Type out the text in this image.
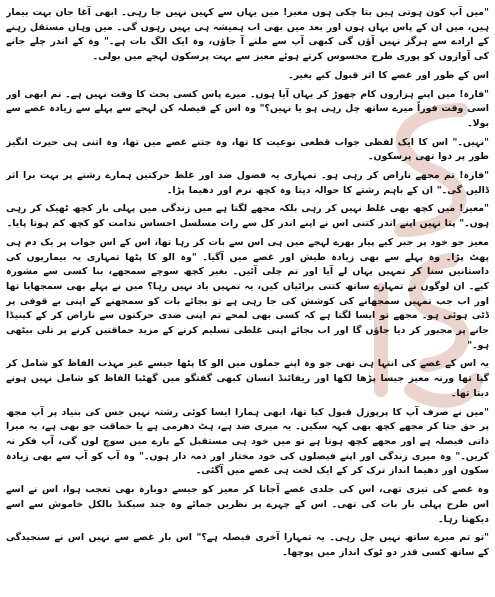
"میں آپ کون ہوتی ہیں بتا چکی ہوں معیز! میں یہاں سے کہیں نہیں جا رہی۔ ابھی آغا جان بہت بیمار ہیں، میں ان کے پاس یہاں ہوں اور بعد میں بھی اب ہمیشہ ہی یہیں رہوں گی۔ میں وہاں مستقل رہنے کے ارادے سے ہرگز نہیں آؤں گی کبھی آپ سے ملنے آ جاؤں، وہ ایک الگ بات ہے۔" وہ کے اندر چلے جانے کی آوازوں کو پوری طرح محسوس کرتے ہوئے معیز سے بہت پرسکون لہجے میں بولی۔

اس کے طور اور غصے کا اثر قبول کیے بغیر۔

"فارہ! میں اپنے ہزاروں کام چھوڑ کر یہاں آیا ہوں۔ میرے پاس کسی بحث کا وقت نہیں ہے۔ تم ابھی اور اسی وقت فوراً میرے ساتھ چل رہی ہو یا نہیں؟" وہ اس کے فیصلہ کن لہجے سے پہلے سے زیادہ غصے سے بولا۔

"نہیں۔" اس کا ایک لفظی جواب قطعی نوعیت کا تھا، وہ جتنے غصے میں تھا، وہ اتنی ہی حیرت انگیز طور پر دوا تھی پرسکون۔

"فارہ! تم مجھے ناراض کر رہی ہو۔ تمہاری یہ فضول ضد اور غلط حرکتیں ہمارے رشتے پر بہت برا اثر ڈالیں گی۔" ان کے باہم رشتے کا حوالہ دیتا وہ کچھ نرم اور دھیما پڑا۔

"معیز! میں کچھ بھی غلط نہیں کر رہی بلکہ مجھے لگتا ہے میں زندگی میں پہلی بار کچھ ٹھیک کر رہی ہوں۔" پتا نہیں اپنے اندر کتنی اس نے اپنے اندر کل سے رات مسلسل احساس ندامت کو کچھ کم ہوتا پایا۔

معیز جو خود پر جبر کیے پیار بھرے لہجے میں ہی اس سے بات کر رہا تھا، اس کے اس جواب پر یک دم ہی پھٹ پڑا۔ وہ پہلے سے بھی زیادہ طیش اور غصے میں آگیا۔ "وہ الو کا پٹھا تمہاری یہ بیماریوں کی داستانیں سنا کر تمہیں یہاں لے آیا اور تم چلی آئیں۔ بغیر کچھ سوچے سمجھے، بنا کسی سے مشورہ کیے۔ ان لوگوں نے تمہارے ساتھ کتنی برائیاں کیں، یہ تمہیں یاد نہیں رہا؟ میں نے پہلے بھی سمجھایا تھا اور اب جب تمہیں سمجھانے کی کوشش کی جا رہی ہے تو بجائے بات کو سمجھنے کے اپنی بے قوفی پر ڈٹی ہوئی ہو۔ مجھے تو ایسا لگتا ہے کہ کسی بھی لمحے تم اپنی ضدی حرکتوں سے ناراض کر کے کینیڈا جانے پر مجبور کر دیا جاؤں گا اور اب بجائے اپنی غلطی تسلیم کرنے کے مزید حماقتیں کرنے پر تلی بیٹھی ہو۔"

یہ اس کے غصے کی انتہا ہی تھی جو وہ اپنے جملوں میں الو کا پٹھا جیسے غیر مہذب الفاظ کو شامل کر گیا تھا ورنہ معیز جیسا پڑھا لکھا اور ریفائنڈ انسان کبھی گفتگو میں گھٹیا الفاظ کو شامل نہیں ہونے دیتا تھا۔

"میں نے صرف آپ کا پرپوزل قبول کیا تھا، ابھی ہمارا ایسا کوئی رشتہ نہیں جس کی بنیاد پر آپ مجھ پر حق جتا کر مجھے کچھ بھی کہہ سکیں۔ یہ میری ضد ہے، ہٹ دھرمی ہے یا حماقت جو بھی ہے، یہ میرا ذاتی فیصلہ ہے اور مجھے کچھ ہونا ہے تو میں خود ہی مستقبل کے بارے میں سوچ لوں گی، آپ فکر نہ کریں۔" وہ میری زندگی اور اپنے فیصلوں کی خود مختار اور ذمہ دار ہوں۔" وہ آپ کو آپ سے بھی زیادہ سکون اور دھیما انداز ترک کر کے ایک لخت ہی غصے میں آگئی۔

وہ غصے کی تیزی تھی، اس کی جلدی غصے آجانا کر معیز کو جیسے دوبارہ بھی تعجب ہوا، اس نے اسے اس طرح پہلی بار بات کی تھی۔ اس کے چہرے پر نظریں جمائے وہ چند سیکنڈ بالکل خاموش سے اسے دیکھتا رہا۔

"تو تم میرے ساتھ نہیں چل رہی۔ یہ تمہارا آخری فیصلہ ہے؟" اس بار غصے سے نہیں اس نے سنجیدگی کے ساتھ کسی قدر دو ٹوک انداز میں پوچھا۔
